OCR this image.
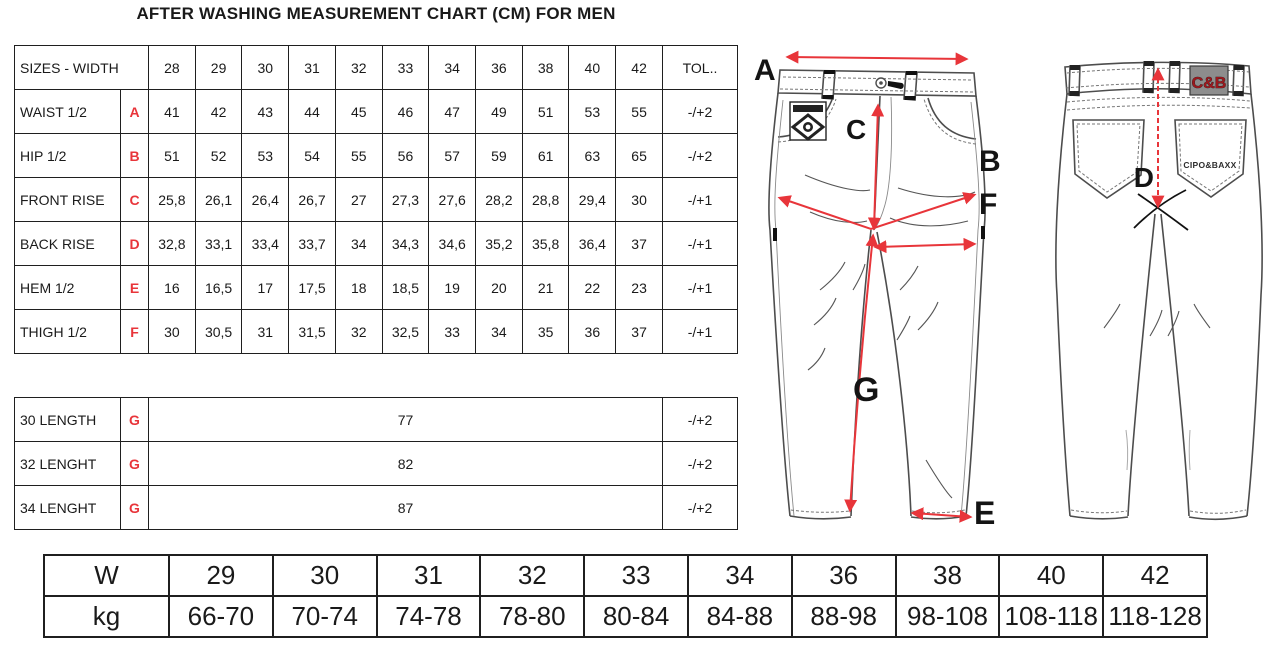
AFTER WASHING MEASUREMENT CHART (CM) FOR MEN
SIZES - WIDTH		28	29	30	31	32	33	34	36	38	40	42	TOL..
WAIST 1/2	A	41	42	43	44	45	46	47	49	51	53	55	-/+2
HIP 1/2	B	51	52	53	54	55	56	57	59	61	63	65	-/+2
FRONT RISE	C	25,8	26,1	26,4	26,7	27	27,3	27,6	28,2	28,8	29,4	30	-/+1
BACK RISE	D	32,8	33,1	33,4	33,7	34	34,3	34,6	35,2	35,8	36,4	37	-/+1
HEM 1/2	E	16	16,5	17	17,5	18	18,5	19	20	21	22	23	-/+1
THIGH 1/2	F	30	30,5	31	31,5	32	32,5	33	34	35	36	37	-/+1
30 LENGTH	G	77	-/+2
32 LENGHT	G	82	-/+2
34 LENGHT	G	87	-/+2
W	29	30	31	32	33	34	36	38	40	42
kg	66-70	70-74	74-78	78-80	80-84	84-88	88-98	98-108	108-118	118-128
A
C
B
F
G
E
C&B
CIPO&BAXX
D
